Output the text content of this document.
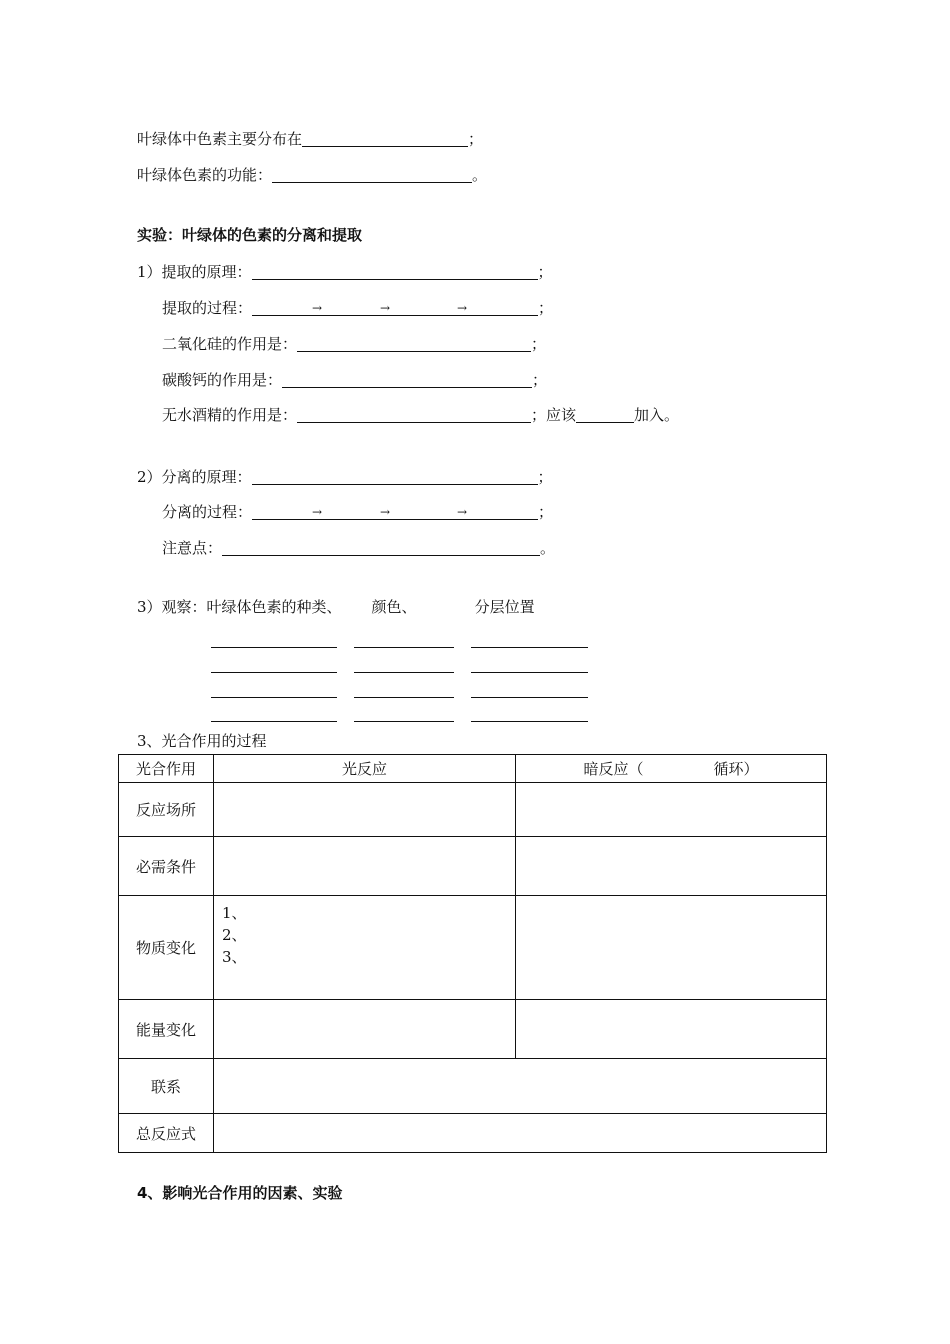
叶绿体中色素主要分布在	；
叶绿体色素的功能：	。
实验：叶绿体的色素的分离和提取
1）提取的原理：	；
提取的过程：	→	→	→	；
二氧化硅的作用是：	；
碳酸钙的作用是：	；
无水酒精的作用是：	；应该	加入。
2）分离的原理：	；
分离的过程：	→	→	→	；
注意点：	。
3）观察：叶绿体色素的种类、 颜色、	分层位置
3、光合作用的过程
光合作用	光反应	暗反应（ 循环）
反应场所		
必需条件		
物质变化	1、
2、
3、	

能量变化		
联系		
总反应式		
4、影响光合作用的因素、实验
